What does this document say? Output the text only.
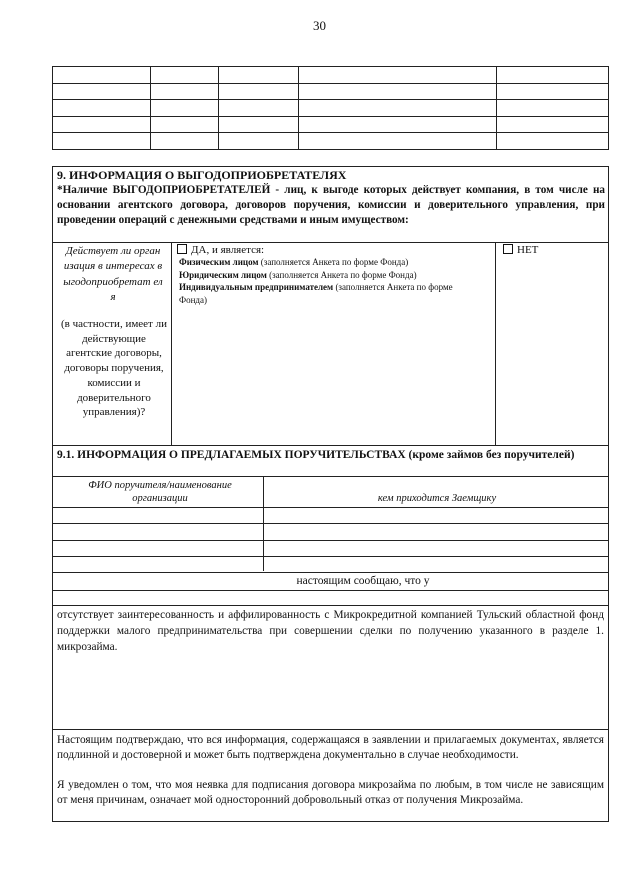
30

9. ИНФОРМАЦИЯ О ВЫГОДОПРИОБРЕТАТЕЛЯХ
*Наличие ВЫГОДОПРИОБРЕТАТЕЛЕЙ - лиц, к выгоде которых действует компания, в том числе на основании агентского договора, договоров поручения, комиссии и доверительного управления, при проведении операций с денежными средствами и иным имуществом:
Действует ли организация в интересах выгодоприобретат еля
(в частности, имеет ли действующие агентские договоры, договоры поручения, комиссии и доверительного управления)?
ДА, и является:
Физическим лицом (заполняется Анкета по форме Фонда)
Юридическим лицом (заполняется Анкета по форме Фонда)
Индивидуальным предпринимателем (заполняется Анкета по форме Фонда)
НЕТ
9.1. ИНФОРМАЦИЯ О ПРЕДЛАГАЕМЫХ ПОРУЧИТЕЛЬСТВАХ (кроме займов без поручителей)
ФИО поручителя/наименование организации	кем приходится Заемщику
настоящим сообщаю, что у
отсутствует заинтересованность и аффилированность с Микрокредитной компанией Тульский областной фонд поддержки малого предпринимательства при совершении сделки по получению указанного в разделе 1. микрозайма.
Настоящим подтверждаю, что вся информация, содержащаяся в заявлении и прилагаемых документах, является подлинной и достоверной и может быть подтверждена документально в случае необходимости.
Я уведомлен о том, что моя неявка для подписания договора микрозайма по любым, в том числе не зависящим от меня причинам, означает мой односторонний добровольный отказ от получения Микрозайма.
